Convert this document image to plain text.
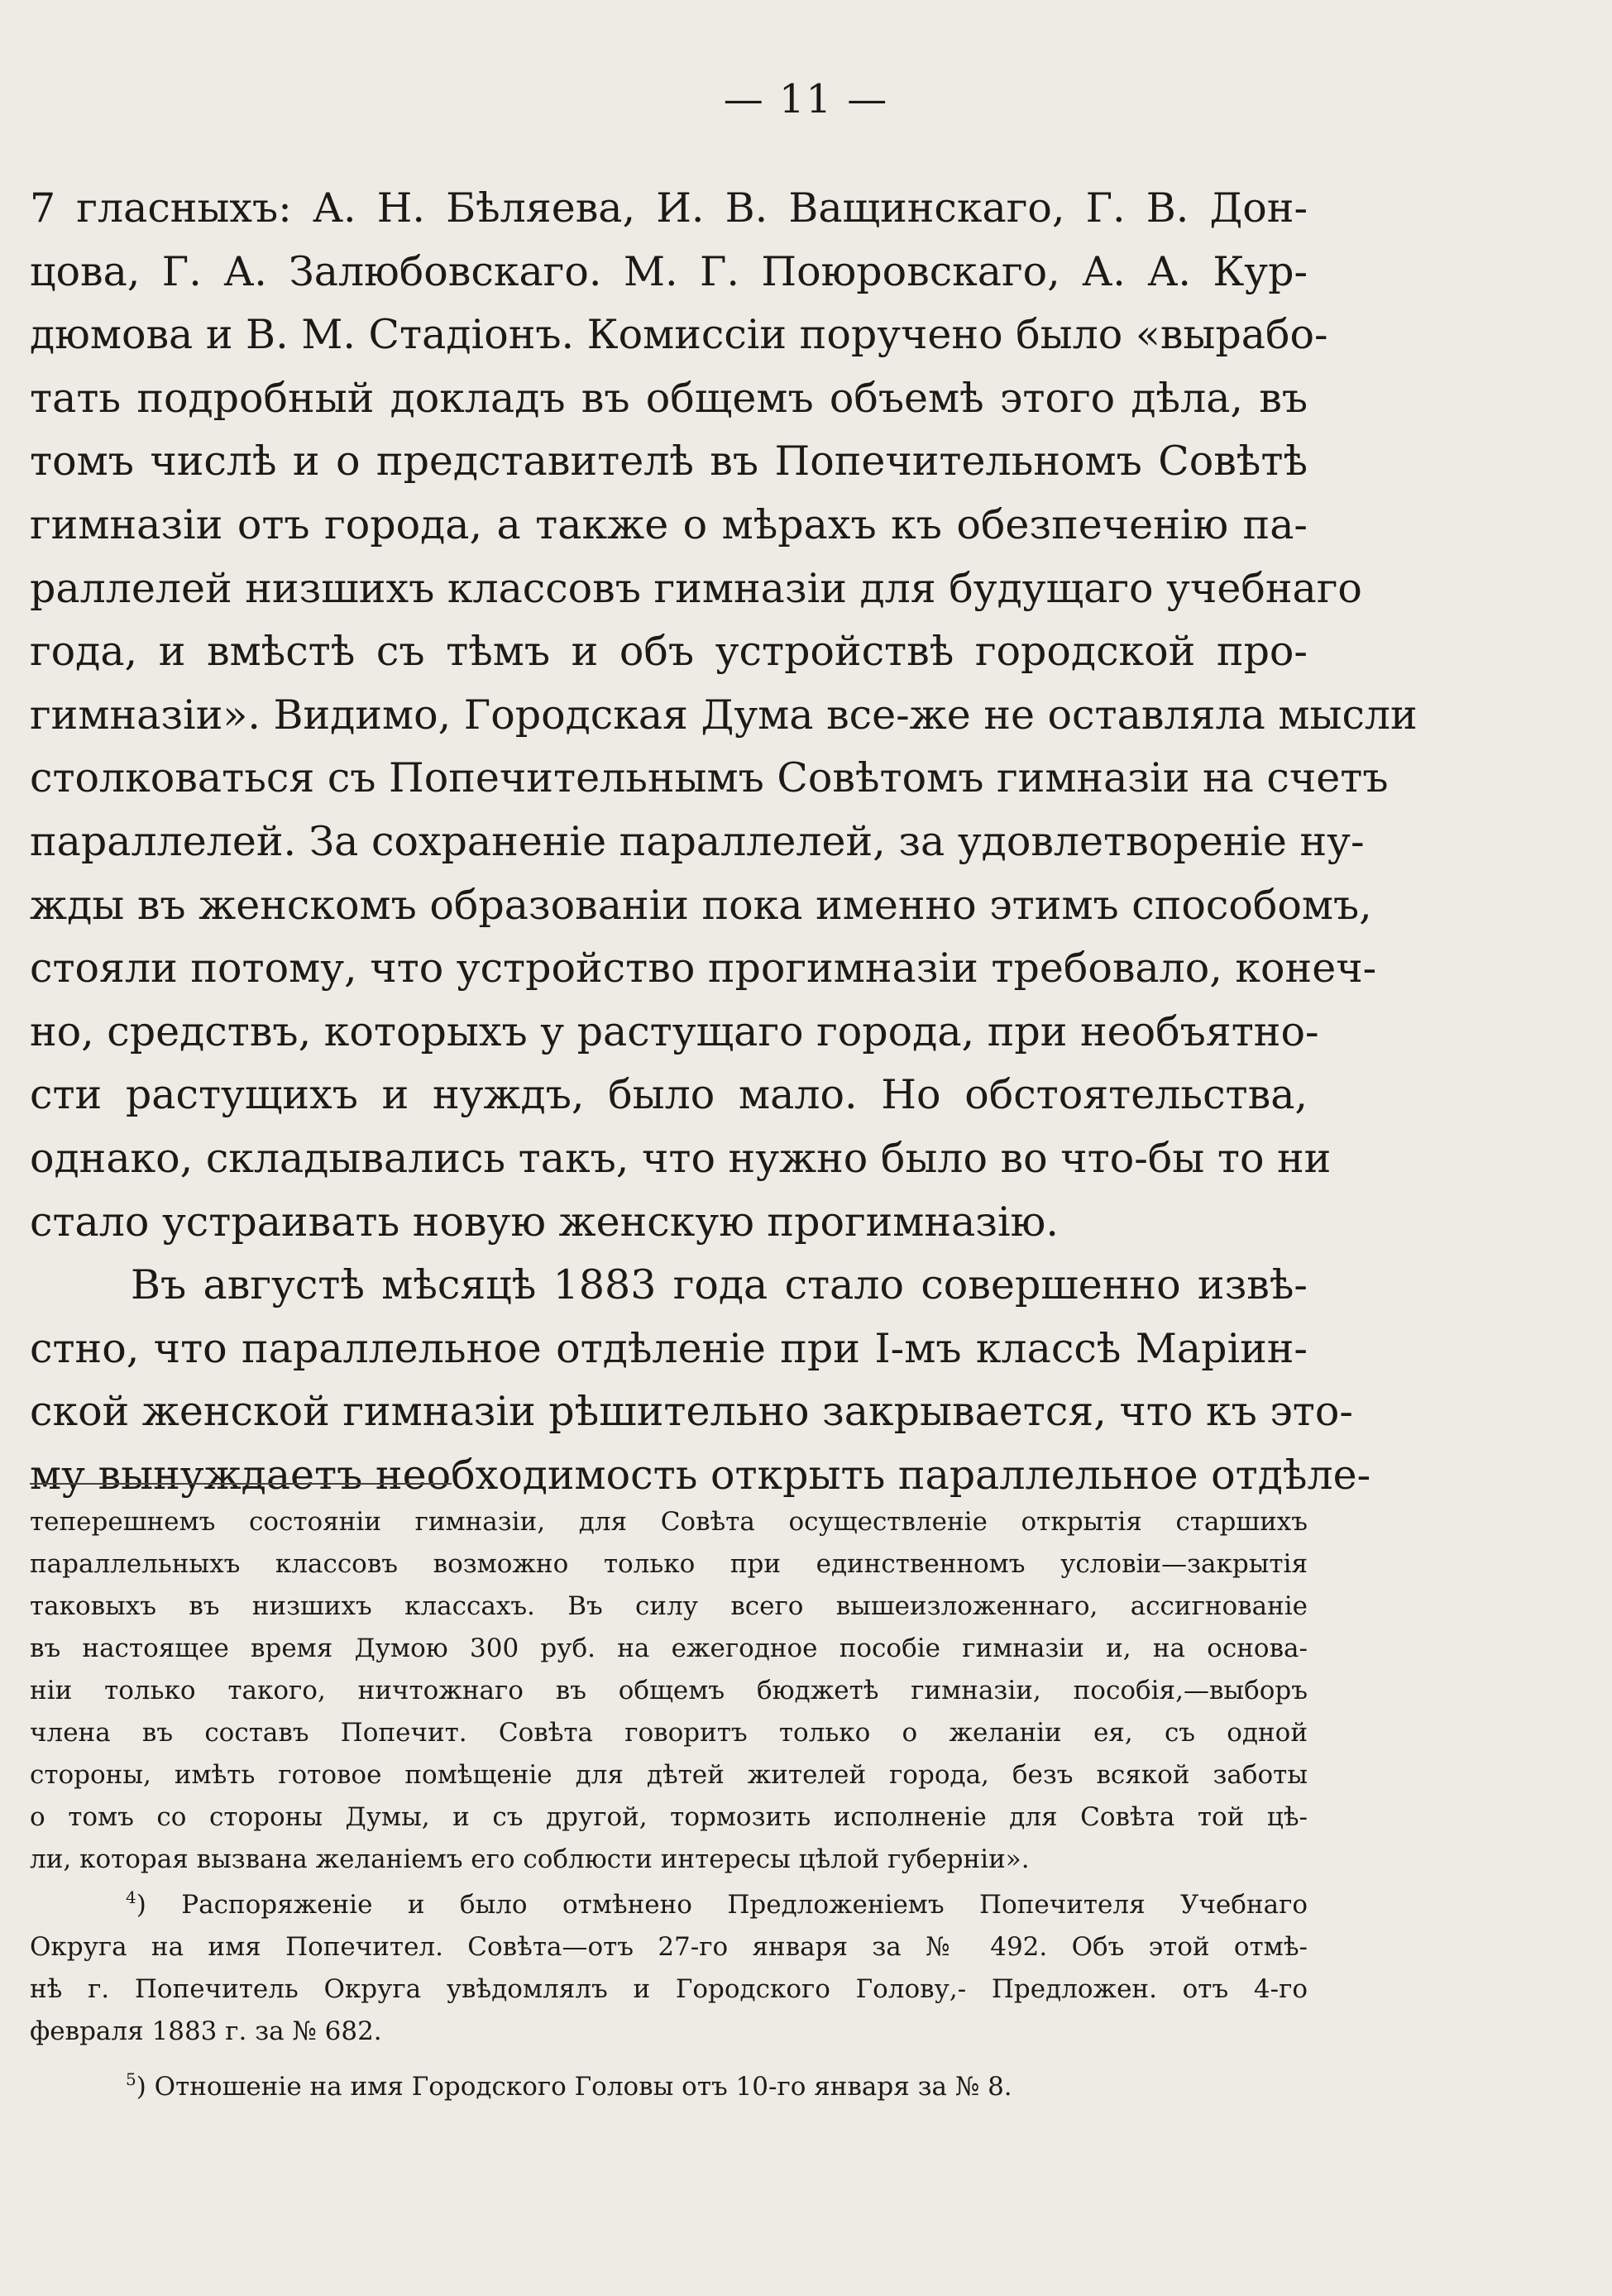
— 11 —
7 гласныхъ: А. Н. Бѣляева, И. В. Ващинскаго, Г. В. Дон-
цова, Г. А. Залюбовскаго. М. Г. Поюровскаго, А. А. Кур-
дюмова и В. М. Стадіонъ. Комиссіи поручено было «вырабо-
тать подробный докладъ въ общемъ объемѣ этого дѣла, въ
томъ числѣ и о представителѣ въ Попечительномъ Совѣтѣ
гимназіи отъ города, а также о мѣрахъ къ обезпеченію па-
раллелей низшихъ классовъ гимназіи для будущаго учебнаго
года, и вмѣстѣ съ тѣмъ и объ устройствѣ городской про-
гимназіи». Видимо, Городская Дума все-же не оставляла мысли
столковаться съ Попечительнымъ Совѣтомъ гимназіи на счетъ
параллелей. За сохраненіе параллелей, за удовлетвореніе ну-
жды въ женскомъ образованіи пока именно этимъ способомъ,
стояли потому, что устройство прогимназіи требовало, конеч-
но, средствъ, которыхъ у растущаго города, при необъятно-
сти растущихъ и нуждъ, было мало. Но обстоятельства,
однако, складывались такъ, что нужно было во что-бы то ни
стало устраивать новую женскую прогимназію.
Въ августѣ мѣсяцѣ 1883 года стало совершенно извѣ-
стно, что параллельное отдѣленіе при I-мъ классѣ Маріин-
ской женской гимназіи рѣшительно закрывается, что къ это-
му вынуждаетъ необходимость открыть параллельное отдѣле-
теперешнемъ состояніи гимназіи, для Совѣта осуществленіе открытія старшихъ
параллельныхъ классовъ возможно только при единственномъ условіи—закрытія
таковыхъ въ низшихъ классахъ. Въ силу всего вышеизложеннаго, ассигнованіе
въ настоящее время Думою 300 руб. на ежегодное пособіе гимназіи и, на основа-
ніи только такого, ничтожнаго въ общемъ бюджетѣ гимназіи, пособія,—выборъ
члена въ составъ Попечит. Совѣта говоритъ только о желаніи ея, съ одной
стороны, имѣть готовое помѣщеніе для дѣтей жителей города, безъ всякой заботы
о томъ со стороны Думы, и съ другой, тормозить исполненіе для Совѣта той цѣ-
ли, которая вызвана желаніемъ его соблюсти интересы цѣлой губерніи».
$^4$) Распоряженіе и было отмѣнено Предложеніемъ Попечителя Учебнаго
Округа на имя Попечител. Совѣта—отъ 27-го января за № 492. Объ этой отмѣ-
нѣ г. Попечитель Округа увѣдомлялъ и Городского Голову,- Предложен. отъ 4-го
февраля 1883 г. за № 682.
$^5$) Отношеніе на имя Городского Головы отъ 10-го января за № 8.
